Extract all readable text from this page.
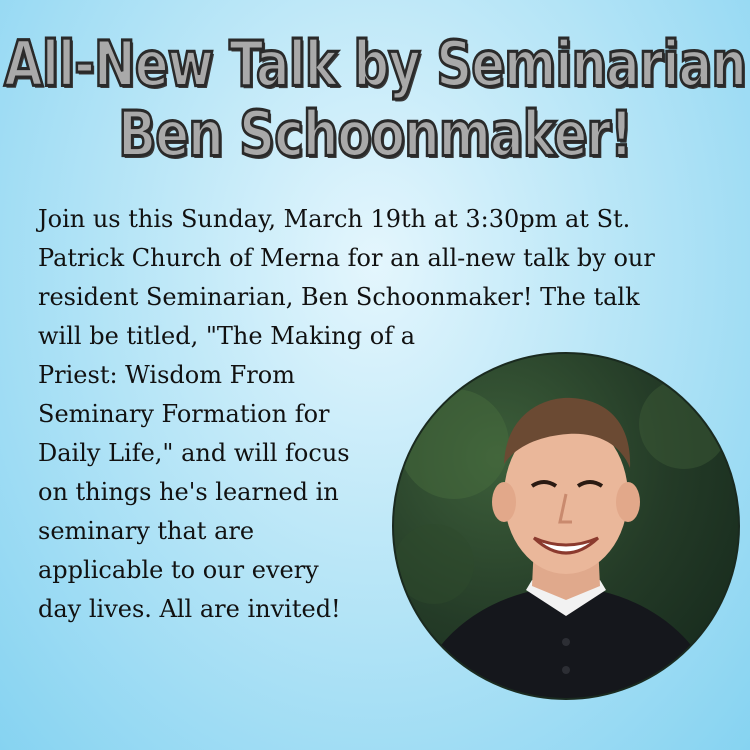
All-New Talk by Seminarian
Ben Schoonmaker!

Join us this Sunday, March 19th at 3:30pm at St.

Patrick Church of Merna for an all-new talk by our

resident Seminarian, Ben Schoonmaker! The talk

will be titled, "The Making of a

Priest: Wisdom From

Seminary Formation for

Daily Life," and will focus

on things he's learned in

seminary that are

applicable to our every

day lives. All are invited!
